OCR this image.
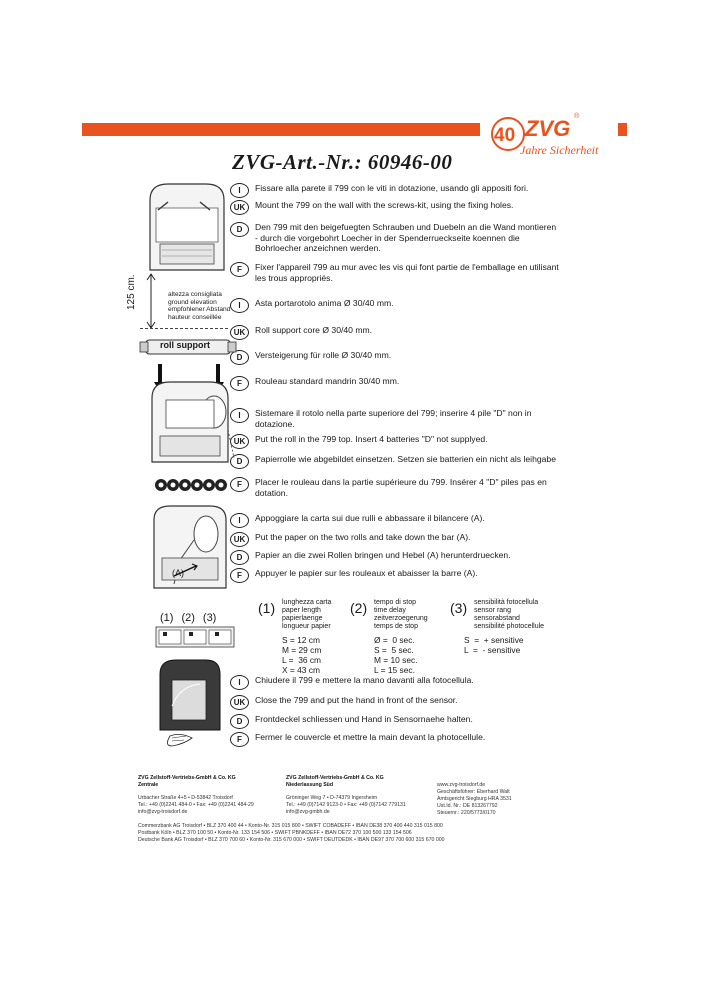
40 ZVG ®
Jahre Sicherheit
ZVG-Art.-Nr.: 60946-00
I	Fissare alla parete il 799 con le viti in dotazione, usando gli appositi fori.
UK	Mount the 799 on the wall with the screws-kit, using the fixing holes.
D	Den 799 mit den beigefuegten Schrauben und Duebeln an die Wand montieren - durch die vorgebohrt Loecher in der Spenderrueckseite koennen die Bohrloecher anzeichnen werden.
F	Fixer l'appareil 799 au mur avec les vis qui font partie de l'emballage en utilisant les trous appropriés.
I	Asta portarotolo anima Ø 30/40 mm.
UK	Roll support core Ø 30/40 mm.
D	Versteigerung für rolle Ø 30/40 mm.
F	Rouleau standard mandrin 30/40 mm.
I	Sistemare il rotolo nella parte superiore del 799; inserire 4 pile "D" non in dotazione.
UK	Put the roll in the 799 top. Insert 4 batteries "D" not supplyed.
D	Papierrolle wie abgebildet einsetzen. Setzen sie batterien ein nicht als leihgabe
F	Placer le rouleau dans la partie supérieure du 799. Insérer 4 "D" piles pas en dotation.
I	Appoggiare la carta sui due rulli e abbassare il bilancere (A).
UK	Put the paper on the two rolls and take down the bar (A).
D	Papier an die zwei Rollen bringen und Hebel (A) herunterdruecken.
F	Appuyer le papier sur les rouleaux et abaisser la barre (A).
I	Chiudere il 799 e mettere la mano davanti alla fotocellula.
UK	Close the 799 and put the hand in front of the sensor.
D	Frontdeckel schliessen und Hand in Sensornaehe halten.
F	Fermer le couvercle et mettre la main devant la photocellule.
125 cm.	altezza consigliata
ground elevation
empfohlener Abstand
hauteur conseillée
roll support
(A)
(1) (2) (3)
(1) lunghezza carta
paper length
papierlaenge
longueur papier
S = 12 cm
M = 29 cm
L =  36 cm
X = 43 cm
(2) tempo di stop
time delay
zeitverzoegerung
temps de stop
Ø =  0 sec.
S =  5 sec.
M = 10 sec.
L = 15 sec.
(3) sensibilità fotocellula
sensor rang
sensorabstand
sensibilité photocellule
S  =  + sensitive
L  =  - sensitive
ZVG Zellstoff-Vertriebs-GmbH & Co. KG
Zentrale
Urbacher Straße 4+5 • D-53842 Troisdorf
Tel.: +49 (0)2241 484-0 • Fax: +49 (0)2241 484-29
info@zvg-troisdorf.de
ZVG Zellstoff-Vertriebs-GmbH & Co. KG
Niederlassung Süd
Gröninger Weg 7 • D-74379 Ingersheim
Tel.: +49 (0)7142 9123-0 • Fax: +49 (0)7142 779131
info@zvg-gmbh.de
www.zvg-troisdorf.de
Geschäftsführer: Eberhard Walt
Amtsgericht Siegburg HRA 3531
Ust.Id. Nr.: DE 813267792
Steuernr.: 220/5773/0170
Commerzbank AG Troisdorf • BLZ 370 400 44 • Konto-Nr. 315 015 800 • SWIFT COBADEFF • IBAN DE38 370 400 440 315 015 800
Postbank Köln • BLZ 370 100 50 • Konto-Nr. 133 154 506 • SWIFT PBNKDEFF • IBAN DE72 370 100 500 133 154 506
Deutsche Bank AG Troisdorf • BLZ 370 700 60 • Konto-Nr. 315 670 000 • SWIFT DEUTDEDK • IBAN DE97 370 700 600 315 670 000
